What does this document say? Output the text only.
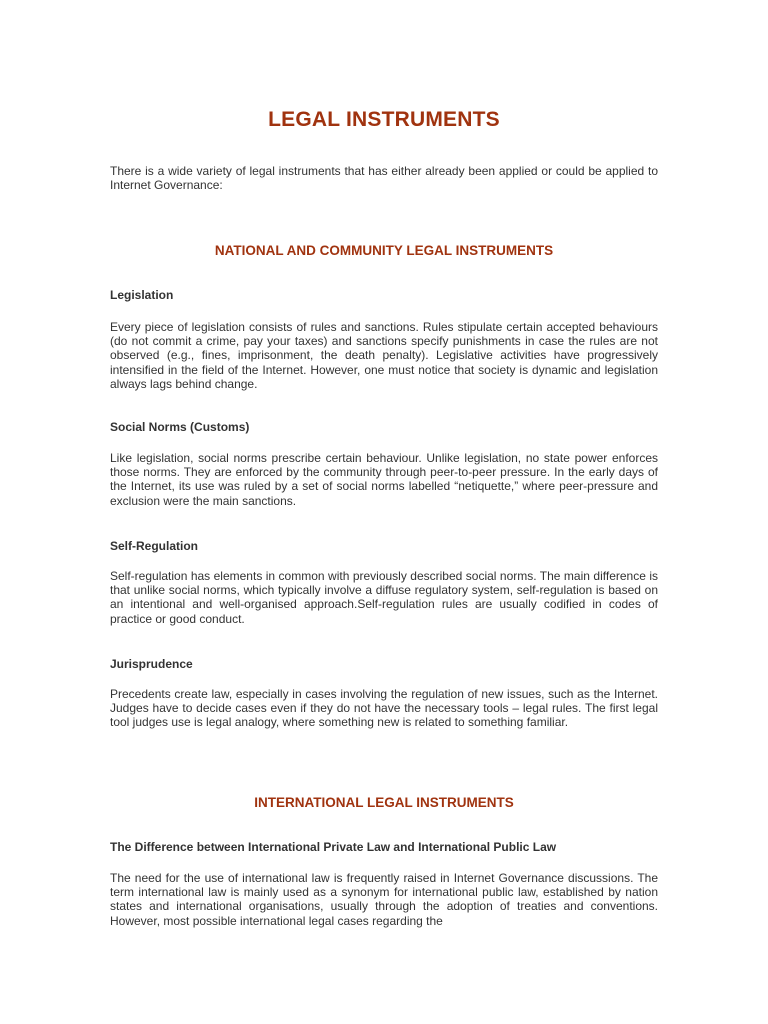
LEGAL INSTRUMENTS

There is a wide variety of legal instruments that has either already been applied or could be applied to Internet Governance:

NATIONAL AND COMMUNITY LEGAL INSTRUMENTS
Legislation

Every piece of legislation consists of rules and sanctions. Rules stipulate certain accepted behaviours (do not commit a crime, pay your taxes) and sanctions specify punishments in case the rules are not observed (e.g., fines, imprisonment, the death penalty). Legislative activities have progressively intensified in the field of the Internet. However, one must notice that society is dynamic and legislation always lags behind change.

Social Norms (Customs)

Like legislation, social norms prescribe certain behaviour. Unlike legislation, no state power enforces those norms. They are enforced by the community through peer-to-peer pressure. In the early days of the Internet, its use was ruled by a set of social norms labelled “netiquette,” where peer-pressure and exclusion were the main sanctions.

Self-Regulation

Self-regulation has elements in common with previously described social norms. The main difference is that unlike social norms, which typically involve a diffuse regulatory system, self-regulation is based on an intentional and well-organised approach.Self-regulation rules are usually codified in codes of practice or good conduct.

Jurisprudence

Precedents create law, especially in cases involving the regulation of new issues, such as the Internet. Judges have to decide cases even if they do not have the necessary tools – legal rules. The first legal tool judges use is legal analogy, where something new is related to something familiar.

INTERNATIONAL LEGAL INSTRUMENTS
The Difference between International Private Law and International Public Law

The need for the use of international law is frequently raised in Internet Governance discussions. The term international law is mainly used as a synonym for international public law, established by nation states and international organisations, usually through the adoption of treaties and conventions. However, most possible international legal cases regarding the
